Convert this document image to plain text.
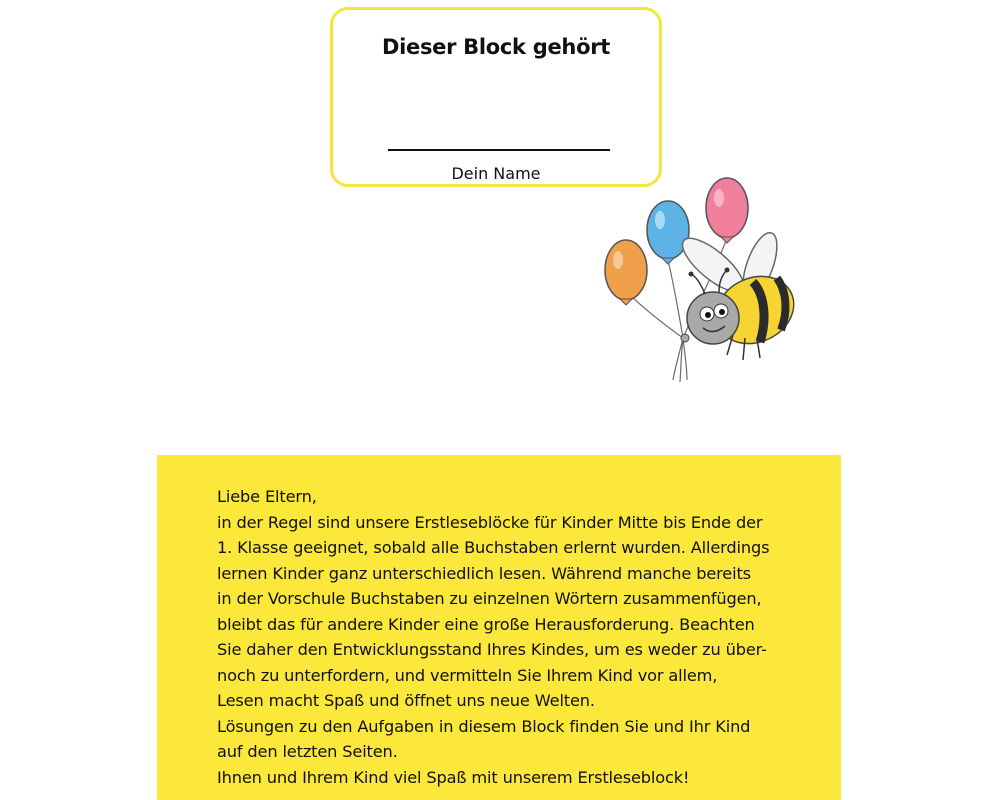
Dieser Block gehört
Dein Name
Liebe Eltern,
in der Regel sind unsere Erstleseblöcke für Kinder Mitte bis Ende der
1. Klasse geeignet, sobald alle Buchstaben erlernt wurden. Allerdings
lernen Kinder ganz unterschiedlich lesen. Während manche bereits
in der Vorschule Buchstaben zu einzelnen Wörtern zusammenfügen,
bleibt das für andere Kinder eine große Herausforderung. Beachten
Sie daher den Entwicklungsstand Ihres Kindes, um es weder zu über-
noch zu unterfordern, und vermitteln Sie Ihrem Kind vor allem,
Lesen macht Spaß und öffnet uns neue Welten.
Lösungen zu den Aufgaben in diesem Block finden Sie und Ihr Kind
auf den letzten Seiten.
Ihnen und Ihrem Kind viel Spaß mit unserem Erstleseblock!
